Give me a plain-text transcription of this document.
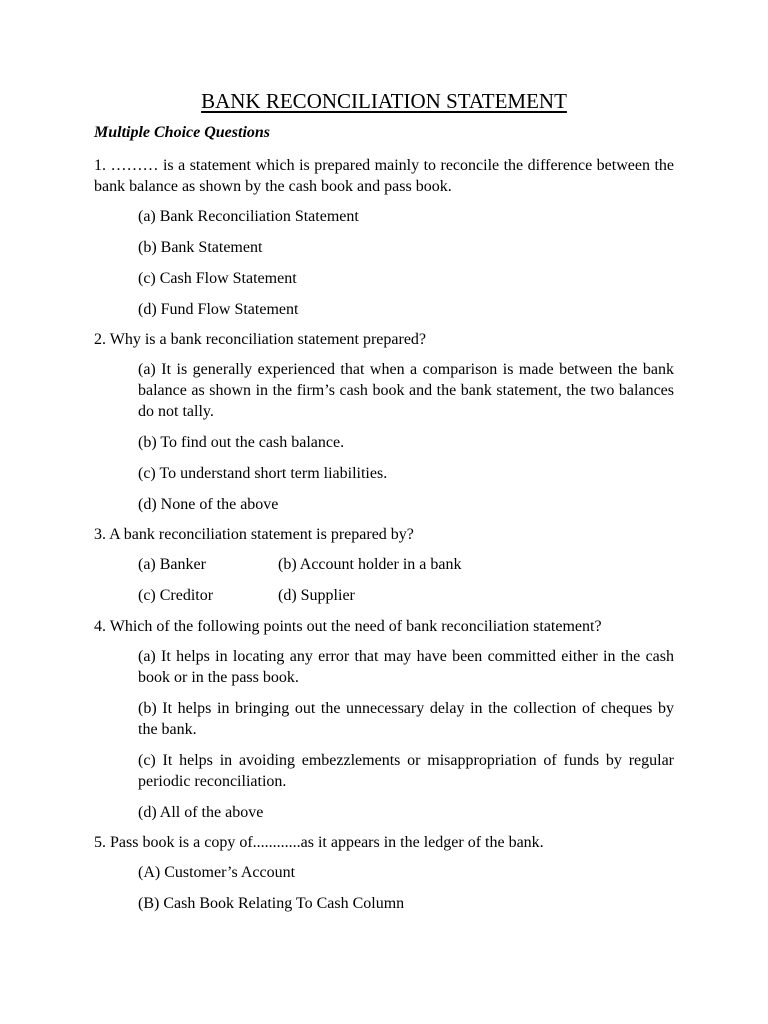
BANK RECONCILIATION STATEMENT
Multiple Choice Questions
1. ……… is a statement which is prepared mainly to reconcile the difference between the bank balance as shown by the cash book and pass book.
(a) Bank Reconciliation Statement
(b) Bank Statement
(c) Cash Flow Statement
(d) Fund Flow Statement
2. Why is a bank reconciliation statement prepared?
(a) It is generally experienced that when a comparison is made between the bank balance as shown in the firm’s cash book and the bank statement, the two balances do not tally.
(b) To find out the cash balance.
(c) To understand short term liabilities.
(d) None of the above
3. A bank reconciliation statement is prepared by?
(a) Banker	(b) Account holder in a bank
(c) Creditor	(d) Supplier
4. Which of the following points out the need of bank reconciliation statement?
(a) It helps in locating any error that may have been committed either in the cash book or in the pass book.
(b) It helps in bringing out the unnecessary delay in the collection of cheques by the bank.
(c) It helps in avoiding embezzlements or misappropriation of funds by regular periodic reconciliation.
(d) All of the above
5. Pass book is a copy of............as it appears in the ledger of the bank.
(A) Customer’s Account
(B) Cash Book Relating To Cash Column
